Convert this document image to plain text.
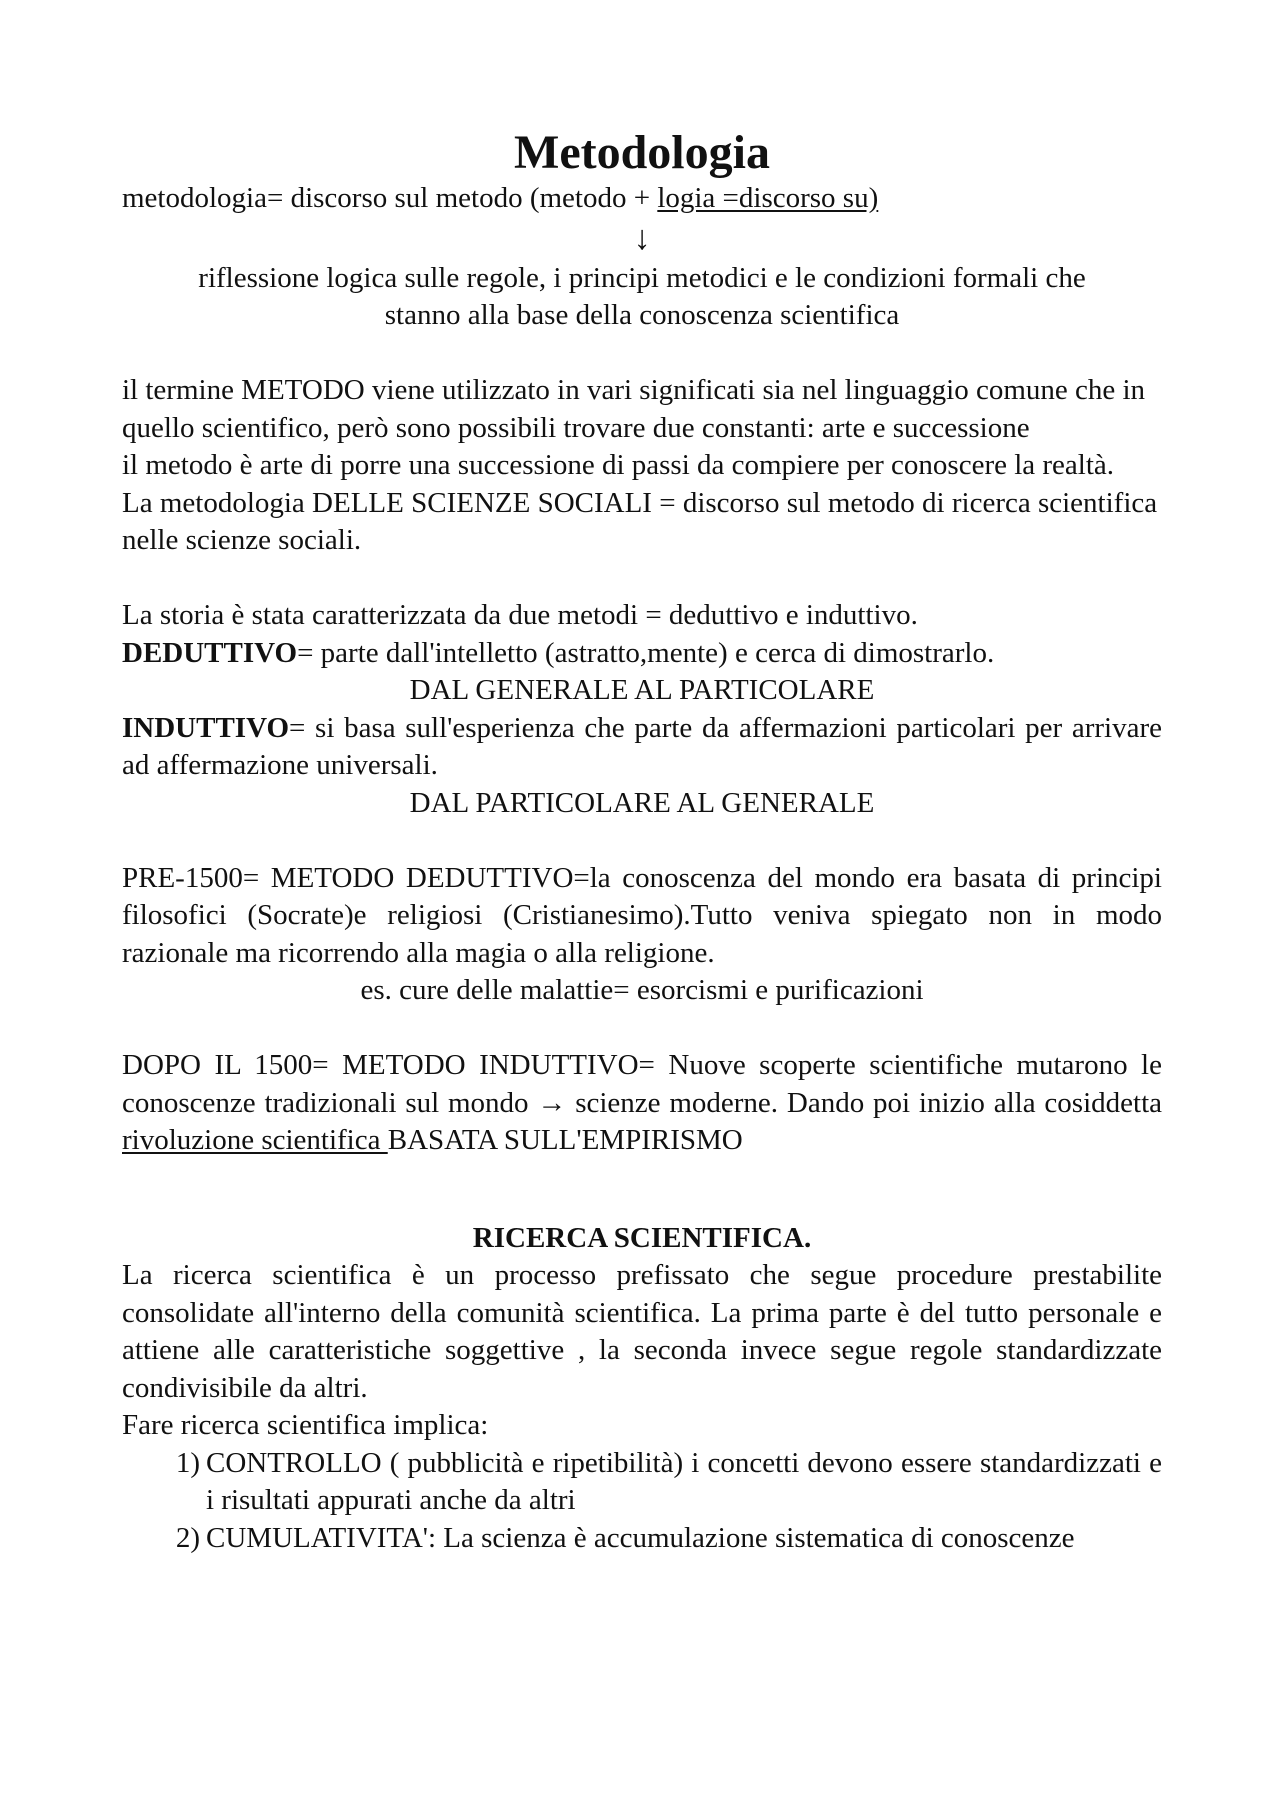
Metodologia

metodologia= discorso sul metodo (metodo + logia =discorso su)

↓

riflessione logica sulle regole, i principi metodici e le condizioni formali che

stanno alla base della conoscenza scientifica

il termine METODO viene utilizzato in vari significati sia nel linguaggio comune che in quello scientifico, però sono possibili trovare due constanti: arte e successione

il metodo è arte di porre una successione di passi da compiere per conoscere la realtà.

La metodologia DELLE SCIENZE SOCIALI = discorso sul metodo di ricerca scientifica nelle scienze sociali.

La storia è stata caratterizzata da due metodi = deduttivo e induttivo.

DEDUTTIVO= parte dall'intelletto (astratto,mente) e cerca di dimostrarlo.

DAL GENERALE AL PARTICOLARE

INDUTTIVO= si basa sull'esperienza che parte da affermazioni particolari per arrivare ad affermazione universali.

DAL PARTICOLARE AL GENERALE

PRE-1500= METODO DEDUTTIVO=la conoscenza del mondo era basata di principi filosofici (Socrate)e religiosi (Cristianesimo).Tutto veniva spiegato non in modo razionale ma ricorrendo alla magia o alla religione.

es. cure delle malattie= esorcismi e purificazioni

DOPO IL 1500= METODO INDUTTIVO= Nuove scoperte scientifiche mutarono le conoscenze tradizionali sul mondo → scienze moderne. Dando poi inizio alla cosiddetta rivoluzione scientifica BASATA SULL'EMPIRISMO

RICERCA SCIENTIFICA.

La ricerca scientifica è un processo prefissato che segue procedure prestabilite consolidate all'interno della comunità scientifica. La prima parte è del tutto personale e attiene alle caratteristiche soggettive , la seconda invece segue regole standardizzate condivisibile da altri.

Fare ricerca scientifica implica:

1) CONTROLLO ( pubblicità e ripetibilità) i concetti devono essere standardizzati e i risultati appurati anche da altri
2) CUMULATIVITA': La scienza è accumulazione sistematica di conoscenze
